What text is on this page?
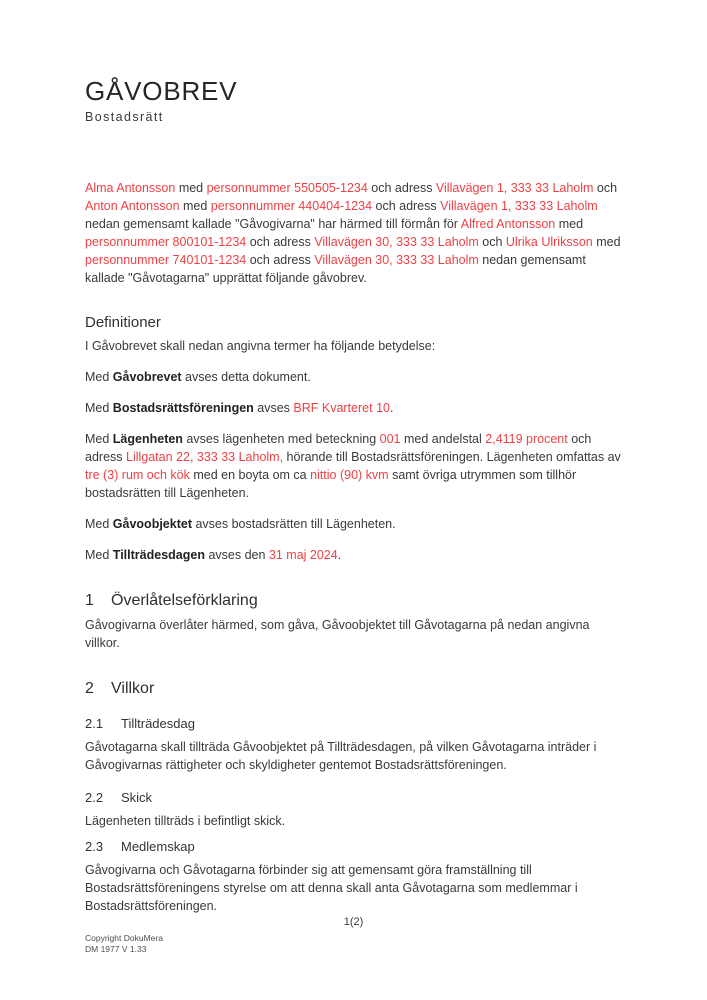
GÅVOBREV
Bostadsrätt

Alma Antonsson med personnummer 550505-1234 och adress Villavägen 1, 333 33 Laholm och Anton Antonsson med personnummer 440404-1234 och adress Villavägen 1, 333 33 Laholm nedan gemensamt kallade "Gåvogivarna" har härmed till förmån för Alfred Antonsson med personnummer 800101-1234 och adress Villavägen 30, 333 33 Laholm och Ulrika Ulriksson med personnummer 740101-1234 och adress Villavägen 30, 333 33 Laholm nedan gemensamt kallade "Gåvotagarna" upprättat följande gåvobrev.

Definitioner

I Gåvobrevet skall nedan angivna termer ha följande betydelse:

Med Gåvobrevet avses detta dokument.

Med Bostadsrättsföreningen avses BRF Kvarteret 10.

Med Lägenheten avses lägenheten med beteckning 001 med andelstal 2,4119 procent och adress Lillgatan 22, 333 33 Laholm, hörande till Bostadsrättsföreningen. Lägenheten omfattas av tre (3) rum och kök med en boyta om ca nittio (90) kvm samt övriga utrymmen som tillhör bostadsrätten till Lägenheten.

Med Gåvoobjektet avses bostadsrätten till Lägenheten.

Med Tillträdesdagen avses den 31 maj 2024.

1	Överlåtelseförklaring

Gåvogivarna överlåter härmed, som gåva, Gåvoobjektet till Gåvotagarna på nedan angivna villkor.

2	Villkor
2.1	Tillträdesdag

Gåvotagarna skall tillträda Gåvoobjektet på Tillträdesdagen, på vilken Gåvotagarna inträder i Gåvogivarnas rättigheter och skyldigheter gentemot Bostadsrättsföreningen.

2.2	Skick

Lägenheten tillträds i befintligt skick.

2.3	Medlemskap

Gåvogivarna och Gåvotagarna förbinder sig att gemensamt göra framställning till Bostadsrättsföreningens styrelse om att denna skall anta Gåvotagarna som medlemmar i Bostadsrättsföreningen.

1(2)
Copyright DokuMera
DM 1977 V 1.33
